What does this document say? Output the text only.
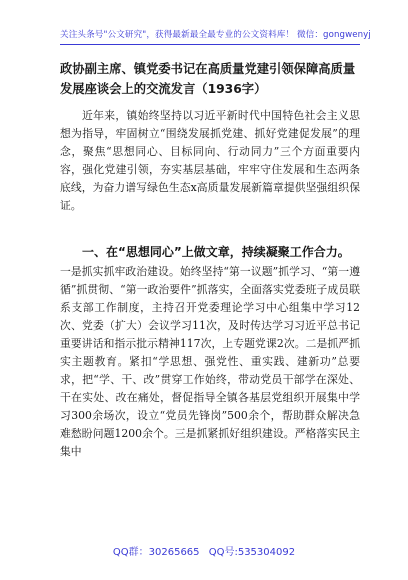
关注头条号"公文研究"，获得最新最全最专业的公文资料库！ 微信：gongwenyj
政协副主席、镇党委书记在高质量党建引领保障高质量发展座谈会上的交流发言（1936字）
近年来，镇始终坚持以习近平新时代中国特色社会主义思想为指导，牢固树立“围绕发展抓党建、抓好党建促发展”的理念，聚焦“思想同心、目标同向、行动同力”三个方面重要内容，强化党建引领，夯实基层基础，牢牢守住发展和生态两条底线，为奋力谱写绿色生态x高质量发展新篇章提供坚强组织保证。
一、在“思想同心”上做文章，持续凝聚工作合力。
一是抓实抓牢政治建设。始终坚持“第一议题”抓学习、“第一遵循”抓贯彻、“第一政治要件”抓落实，全面落实党委班子成员联系支部工作制度，主持召开党委理论学习中心组集中学习12次、党委（扩大）会议学习11次，及时传达学习习近平总书记重要讲话和指示批示精神117次，上专题党课2次。二是抓严抓实主题教育。紧扣“学思想、强党性、重实践、建新功”总要求，把“学、干、改”贯穿工作始终，带动党员干部学在深处、干在实处、改在痛处，督促指导全镇各基层党组织开展集中学习300余场次，设立“党员先锋岗”500余个，帮助群众解决急难愁盼问题1200余个。三是抓紧抓好组织建设。严格落实民主集中
QQ群：30265665 QQ号:535304092
